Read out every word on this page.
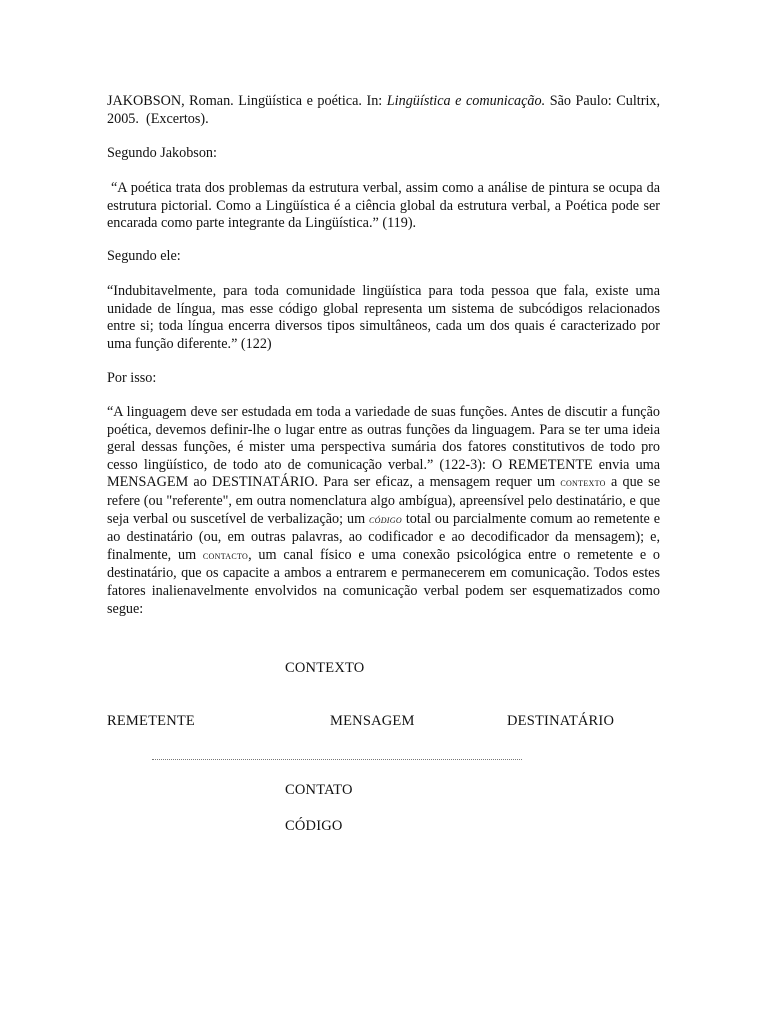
JAKOBSON, Roman. Lingüística e poética. In: Lingüística e comunicação. São Paulo: Cultrix, 2005. (Excertos).

Segundo Jakobson:

“A poética trata dos problemas da estrutura verbal, assim como a análise de pintura se ocupa da estrutura pictorial. Como a Lingüística é a ciência global da estrutura verbal, a Poética pode ser encarada como parte integrante da Lingüística.” (119).

Segundo ele:

“Indubitavelmente, para toda comunidade lingüística para toda pessoa que fala, existe uma unidade de língua, mas esse código global representa um sistema de subcódigos relacionados entre si; toda língua encerra diversos tipos simultâneos, cada um dos quais é caracterizado por uma função diferente.” (122)

Por isso:

“A linguagem deve ser estudada em toda a variedade de suas funções. Antes de discutir a função poética, devemos definir-lhe o lugar entre as outras funções da linguagem. Para se ter uma ideia geral dessas funções, é mister uma perspectiva sumária dos fatores constitutivos de todo pro cesso lingüístico, de todo ato de comunicação verbal.” (122-3): O REMETENTE envia uma MENSAGEM ao DESTINATÁRIO. Para ser eficaz, a mensagem requer um contexto a que se refere (ou "referente", em outra nomenclatura algo ambígua), apreensível pelo destinatário, e que seja verbal ou suscetível de verbalização; um código total ou parcialmente comum ao remetente e ao destinatário (ou, em outras palavras, ao codificador e ao decodificador da mensagem); e, finalmente, um contacto, um canal físico e uma conexão psicológica entre o remetente e o destinatário, que os capacite a ambos a entrarem e permanecerem em comunicação. Todos estes fatores inalienavelmente envolvidos na comunicação verbal podem ser esquematizados como segue:

CONTEXTO
REMETENTE	MENSAGEM	DESTINATÁRIO
CONTATO
CÓDIGO
